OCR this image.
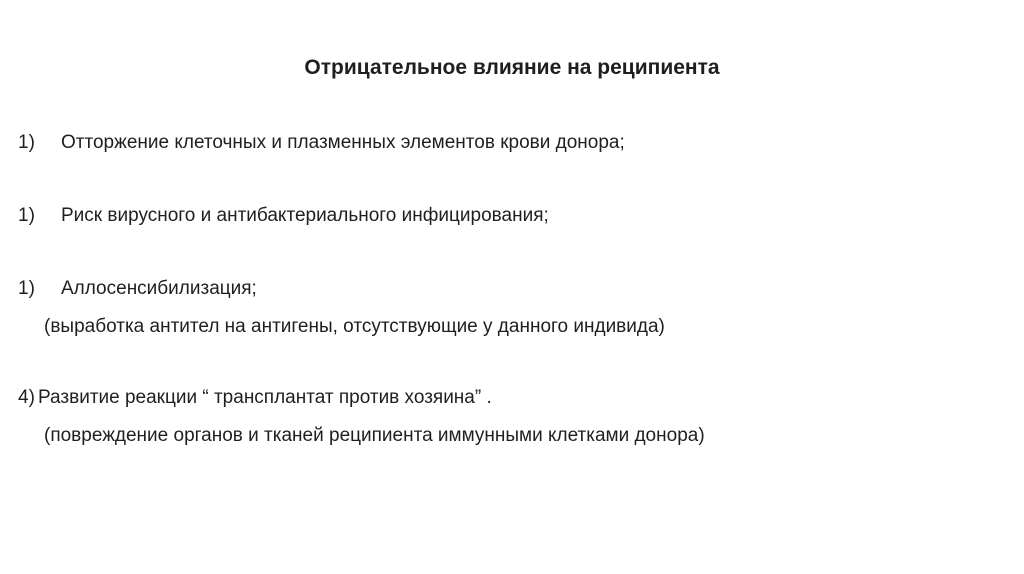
Отрицательное влияние на реципиента
1) Отторжение клеточных и плазменных элементов крови донора;
1) Риск вирусного и антибактериального инфицирования;
1) Аллосенсибилизация;
(выработка антител на антигены, отсутствующие у данного индивида)
4) Развитие реакции “ трансплантат против хозяина” .
(повреждение органов и тканей реципиента иммунными клетками донора)
